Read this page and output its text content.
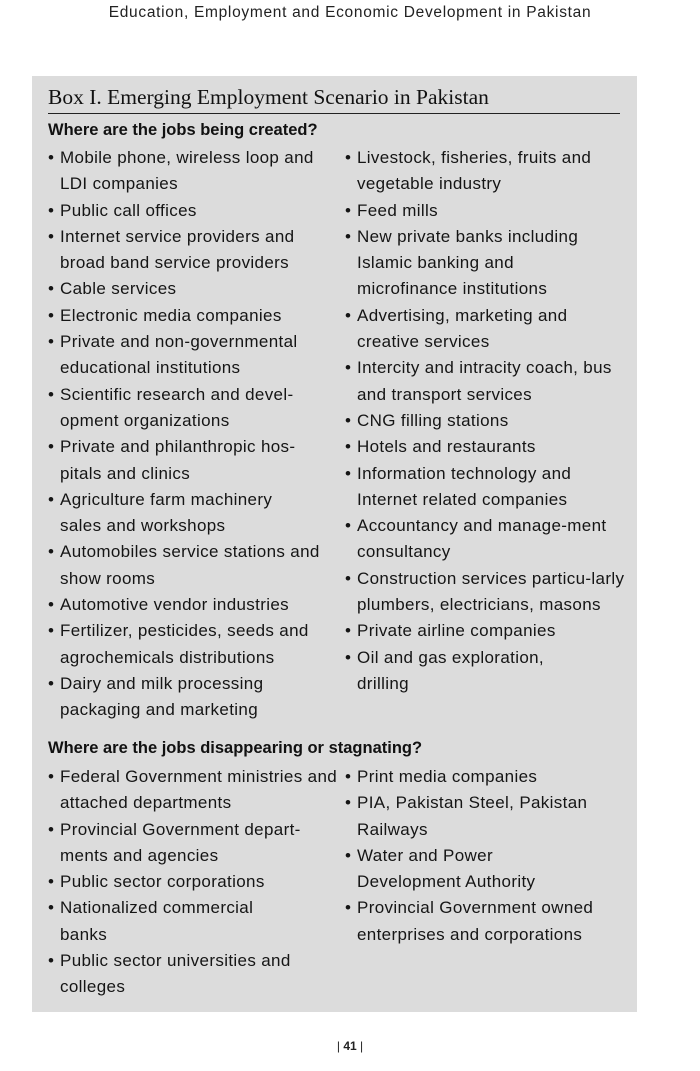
Education, Employment and Economic Development in Pakistan
Box I. Emerging Employment Scenario in Pakistan
Where are the jobs being created?
• Mobile phone, wireless loop and LDI companies
• Public call offices
• Internet service providers and broad band service providers
• Cable services
• Electronic media companies
• Private and non-governmental educational institutions
• Scientific research and devel-opment organizations
• Private and philanthropic hos-pitals and clinics
• Agriculture farm machinery sales and workshops
• Automobiles service stations and show rooms
• Automotive vendor industries
• Fertilizer, pesticides, seeds and agrochemicals distributions
• Dairy and milk processing packaging and marketing
• Livestock, fisheries, fruits and vegetable industry
• Feed mills
• New private banks including Islamic banking and microfinance institutions
• Advertising, marketing and creative services
• Intercity and intracity coach, bus and transport services
• CNG filling stations
• Hotels and restaurants
• Information technology and Internet related companies
• Accountancy and manage-ment consultancy
• Construction services particu-larly plumbers, electricians, masons
• Private airline companies
• Oil and gas exploration, drilling
Where are the jobs disappearing or stagnating?
• Federal Government ministries and attached departments
• Provincial Government depart-ments and agencies
• Public sector corporations
• Nationalized commercial banks
• Public sector universities and colleges
• Print media companies
• PIA, Pakistan Steel, Pakistan Railways
• Water and Power Development Authority
• Provincial Government owned enterprises and corporations
| 41 |
